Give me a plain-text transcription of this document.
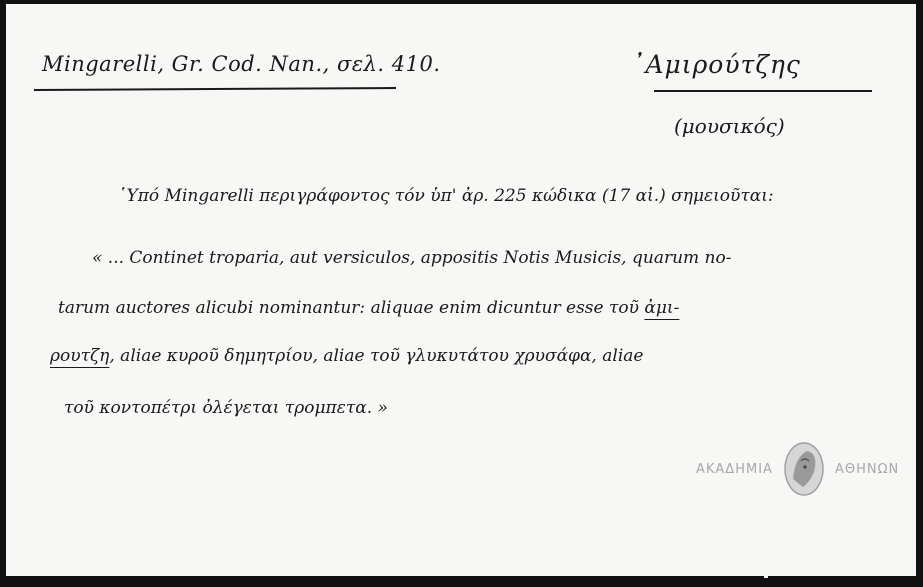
Mingarelli, Gr. Cod. Nan., σελ. 410.	᾿Αμιρούτζης
(μουσικός)
῾Υπό Mingarelli περιγράφοντος τόν ὑπ' ἀρ. 225 κώδικα (17 αἰ.) σημειοῦται:
« ... Continet troparia, aut versiculos, appositis Notis Musicis, quarum no-
tarum auctores alicubi nominantur: aliquae enim dicuntur esse τοῦ ἀμι-
ρουτζη, aliae κυροῦ δημητρίου, aliae τοῦ γλυκυτάτου χρυσάφα, aliae
τοῦ κοντοπέτρι ὀλέγεται τρομπετα. »
ΑΚΑΔΗΜΙΑ	ΑΘΗΝΩΝ
